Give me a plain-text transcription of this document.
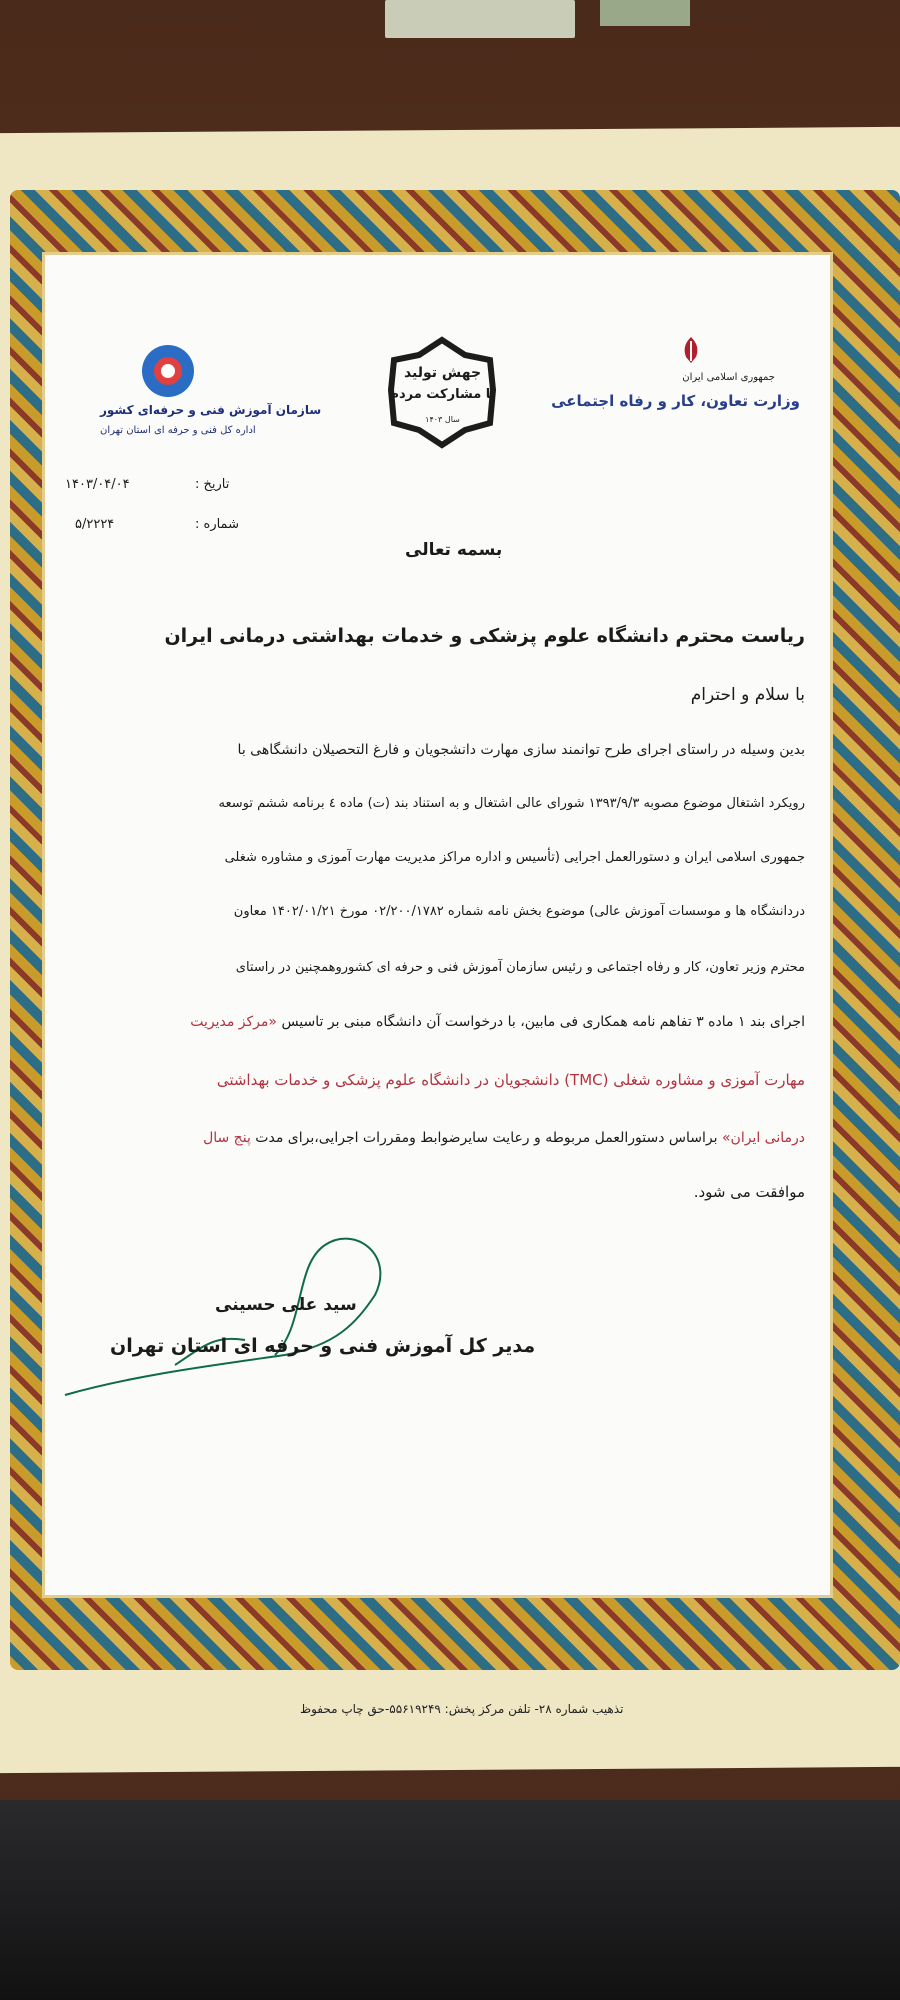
جمهوری اسلامی ایران
وزارت تعاون، کار و رفاه اجتماعی
جهش تولید
با مشارکت مردم
سال ۱۴۰۳
سازمان آموزش فنی و حرفه‌ای کشور
اداره کل فنی و حرفه ای استان تهران
تاریخ :
۱۴۰۳/۰۴/۰۴
شماره :
۵/۲۲۲۴
بسمه تعالی
ریاست محترم دانشگاه علوم پزشکی و خدمات بهداشتی درمانی ایران
با سلام و احترام
بدین وسیله در راستای اجرای طرح توانمند سازی مهارت دانشجویان و فارغ التحصیلان دانشگاهی با
رویکرد اشتغال موضوع مصوبه ۱۳۹۳/۹/۳ شورای عالی اشتغال و به استناد بند (ت) ماده ٤ برنامه ششم توسعه
جمهوری اسلامی ایران و دستورالعمل اجرایی (تأسیس و اداره مراکز مدیریت مهارت آموزی و مشاوره شغلی
دردانشگاه ها و موسسات آموزش عالی) موضوع بخش نامه شماره ۰۲/۲۰۰/۱۷۸۲ مورخ ۱۴۰۲/۰۱/۲۱ معاون
محترم وزیر تعاون، کار و رفاه اجتماعی و رئیس سازمان آموزش فنی و حرفه ای کشوروهمچنین در راستای
اجرای بند ۱ ماده ۳ تفاهم نامه همکاری فی مابین، با درخواست آن دانشگاه مبنی بر تاسیس «مرکز مدیریت
مهارت آموزی و مشاوره شغلی (TMC) دانشجویان در دانشگاه علوم پزشکی و خدمات بهداشتی
درمانی ایران» براساس دستورالعمل مربوطه و رعایت سایرضوابط ومقررات اجرایی،برای مدت پنج سال
موافقت می شود.
سید علی حسینی
مدیر کل آموزش فنی و حرفه ای استان تهران
تذهیب شماره ۲۸- تلفن مرکز پخش: ۵۵۶۱۹۲۴۹-حق چاپ محفوظ
